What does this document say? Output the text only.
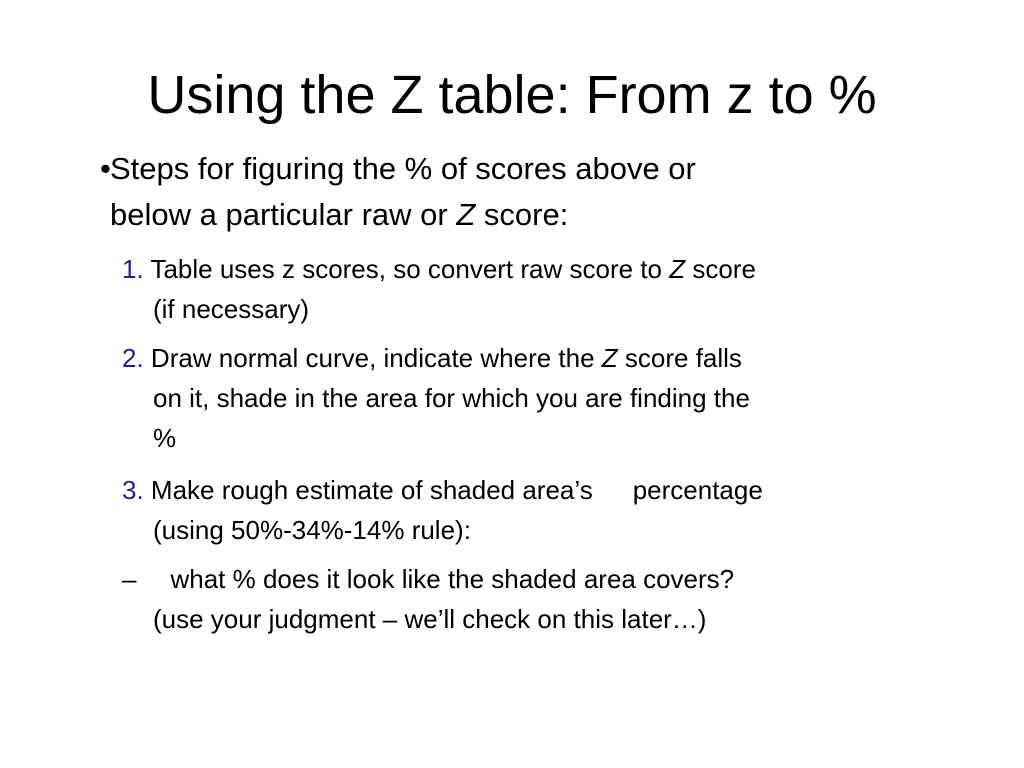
Using the Z table: From z to %
• Steps for figuring the % of scores above or
below a particular raw or Z score:
1. Table uses z scores, so convert raw score to Z score
(if necessary)
2. Draw normal curve, indicate where the Z score falls
on it, shade in the area for which you are finding the
%
3. Make rough estimate of shaded area’s percentage
(using 50%-34%-14% rule):
– what % does it look like the shaded area covers?
(use your judgment – we’ll check on this later…)
